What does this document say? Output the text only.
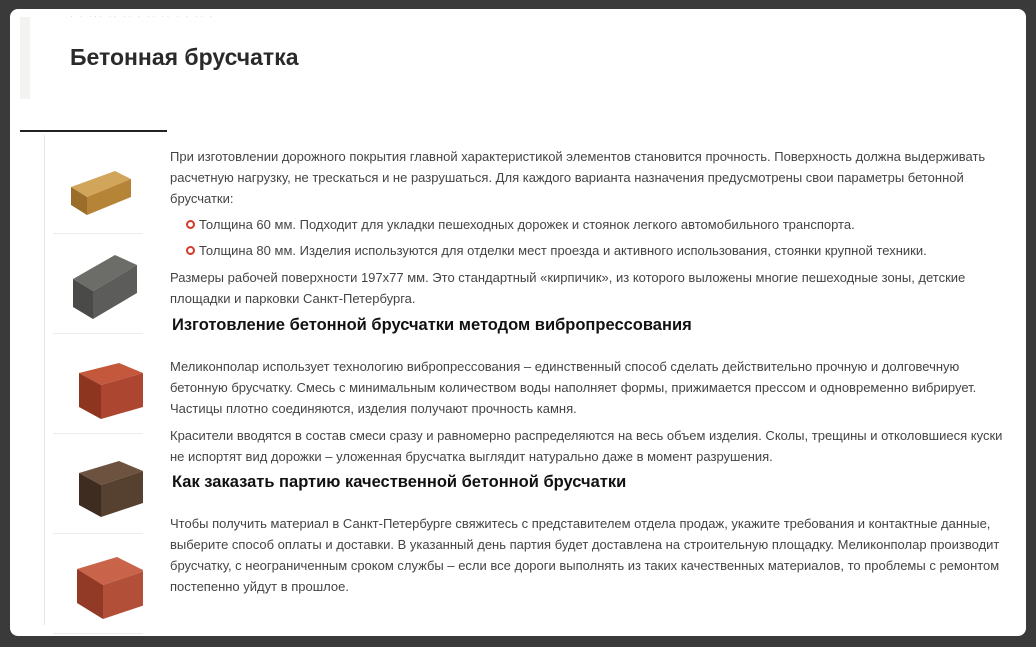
· · ··· ·· ·· · ·· ·· · · ·· ·
Бетонная брусчатка

При изготовлении дорожного покрытия главной характеристикой элементов становится прочность. Поверхность должна выдерживать расчетную нагрузку, не трескаться и не разрушаться. Для каждого варианта назначения предусмотрены свои параметры бетонной брусчатки:

Толщина 60 мм. Подходит для укладки пешеходных дорожек и стоянок легкого автомобильного транспорта.
Толщина 80 мм. Изделия используются для отделки мест проезда и активного использования, стоянки крупной техники.

Размеры рабочей поверхности 197х77 мм. Это стандартный «кирпичик», из которого выложены многие пешеходные зоны, детские площадки и парковки Санкт-Петербурга.

Изготовление бетонной брусчатки методом вибропрессования

Меликонполар использует технологию вибропрессования – единственный способ сделать действительно прочную и долговечную бетонную брусчатку. Смесь с минимальным количеством воды наполняет формы, прижимается прессом и одновременно вибрирует. Частицы плотно соединяются, изделия получают прочность камня.

Красители вводятся в состав смеси сразу и равномерно распределяются на весь объем изделия. Сколы, трещины и отколовшиеся куски не испортят вид дорожки – уложенная брусчатка выглядит натурально даже в момент разрушения.

Как заказать партию качественной бетонной брусчатки

Чтобы получить материал в Санкт-Петербурге свяжитесь с представителем отдела продаж, укажите требования и контактные данные, выберите способ оплаты и доставки. В указанный день партия будет доставлена на строительную площадку. Меликонполар производит брусчатку, с неограниченным сроком службы – если все дороги выполнять из таких качественных материалов, то проблемы с ремонтом постепенно уйдут в прошлое.
